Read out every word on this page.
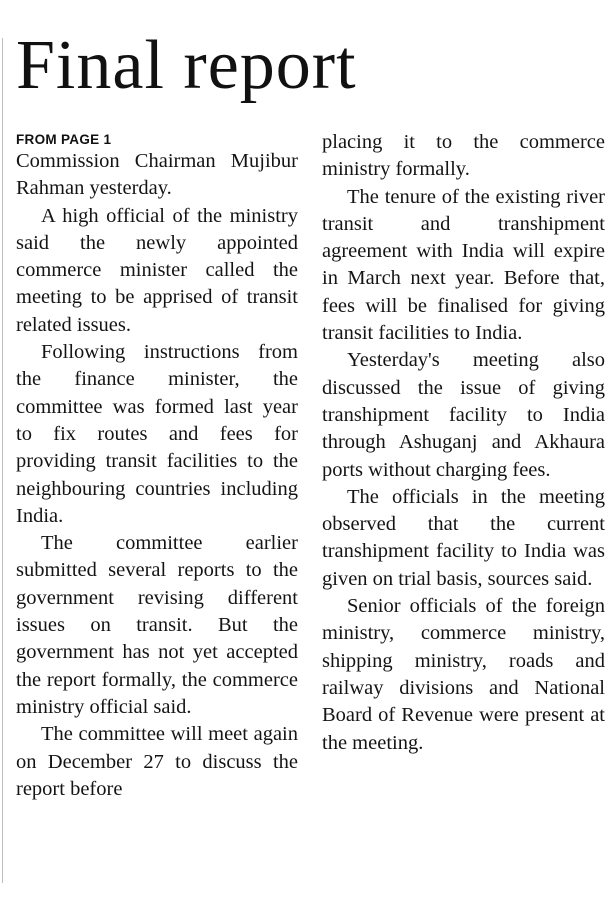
Final report
FROM PAGE 1

Commission Chairman Mujibur Rahman yesterday.

A high official of the ministry said the newly appointed commerce minister called the meeting to be apprised of transit related issues.

Following instructions from the finance minister, the committee was formed last year to fix routes and fees for providing transit facilities to the neighbouring countries including India.

The committee earlier submitted several reports to the government revising different issues on transit. But the government has not yet accepted the report formally, the commerce ministry official said.

The committee will meet again on December 27 to discuss the report before

placing it to the commerce ministry formally.

The tenure of the existing river transit and transhipment agreement with India will expire in March next year. Before that, fees will be finalised for giving transit facilities to India.

Yesterday's meeting also discussed the issue of giving transhipment facility to India through Ashuganj and Akhaura ports without charging fees.

The officials in the meeting observed that the current transhipment facility to India was given on trial basis, sources said.

Senior officials of the foreign ministry, commerce ministry, shipping ministry, roads and railway divisions and National Board of Revenue were present at the meeting.
